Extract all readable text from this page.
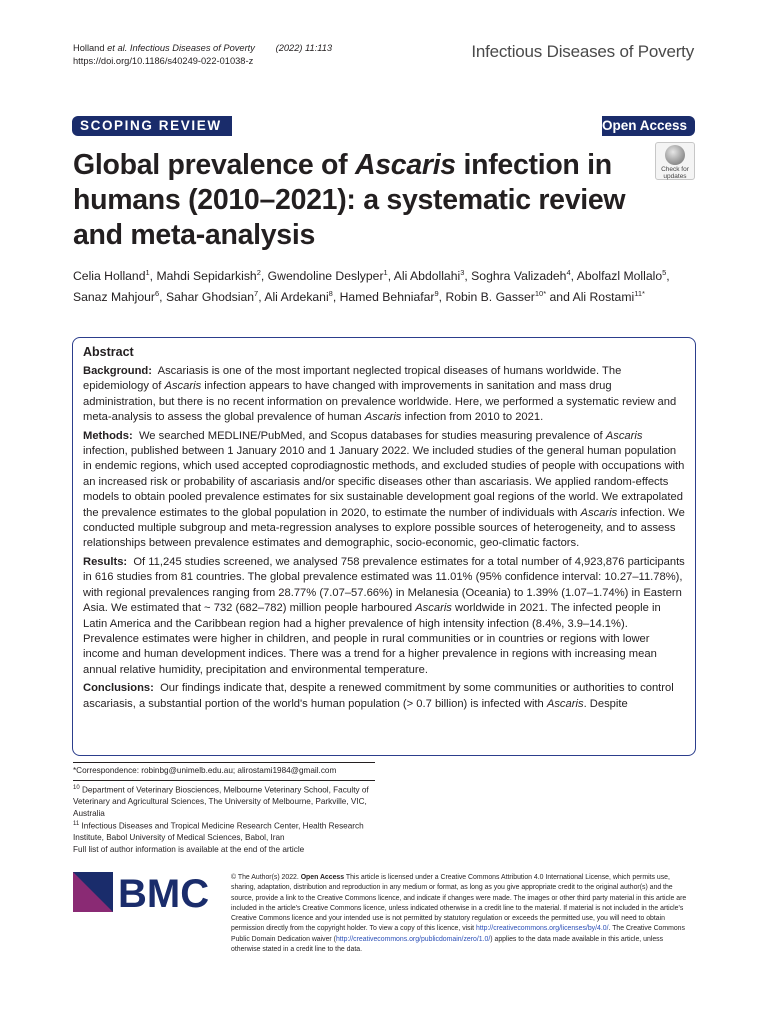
Holland et al. Infectious Diseases of Poverty (2022) 11:113
https://doi.org/10.1186/s40249-022-01038-z	Infectious Diseases of Poverty
SCOPING REVIEW	Open Access
Check for
updates
Global prevalence of Ascaris infection in humans (2010–2021): a systematic review and meta-analysis
Celia Holland$^1$, Mahdi Sepidarkish$^2$, Gwendoline Deslyper$^1$, Ali Abdollahi$^3$, Soghra Valizadeh$^4$, Abolfazl Mollalo$^5$, Sanaz Mahjour$^6$, Sahar Ghodsian$^7$, Ali Ardekani$^8$, Hamed Behniafar$^9$, Robin B. Gasser$^{10*}$ and Ali Rostami$^{11*}$
Abstract

Background: Ascariasis is one of the most important neglected tropical diseases of humans worldwide. The epidemiology of Ascaris infection appears to have changed with improvements in sanitation and mass drug administration, but there is no recent information on prevalence worldwide. Here, we performed a systematic review and meta-analysis to assess the global prevalence of human Ascaris infection from 2010 to 2021.

Methods: We searched MEDLINE/PubMed, and Scopus databases for studies measuring prevalence of Ascaris infection, published between 1 January 2010 and 1 January 2022. We included studies of the general human population in endemic regions, which used accepted coprodiagnostic methods, and excluded studies of people with occupations with an increased risk or probability of ascariasis and/or specific diseases other than ascariasis. We applied random-effects models to obtain pooled prevalence estimates for six sustainable development goal regions of the world. We extrapolated the prevalence estimates to the global population in 2020, to estimate the number of individuals with Ascaris infection. We conducted multiple subgroup and meta-regression analyses to explore possible sources of heterogeneity, and to assess relationships between prevalence estimates and demographic, socio-economic, geo-climatic factors.

Results: Of 11,245 studies screened, we analysed 758 prevalence estimates for a total number of 4,923,876 participants in 616 studies from 81 countries. The global prevalence estimated was 11.01% (95% confidence interval: 10.27–11.78%), with regional prevalences ranging from 28.77% (7.07–57.66%) in Melanesia (Oceania) to 1.39% (1.07–1.74%) in Eastern Asia. We estimated that ~ 732 (682–782) million people harboured Ascaris worldwide in 2021. The infected people in Latin America and the Caribbean region had a higher prevalence of high intensity infection (8.4%, 3.9–14.1%). Prevalence estimates were higher in children, and people in rural communities or in countries or regions with lower income and human development indices. There was a trend for a higher prevalence in regions with increasing mean annual relative humidity, precipitation and environmental temperature.

Conclusions: Our findings indicate that, despite a renewed commitment by some communities or authorities to control ascariasis, a substantial portion of the world's human population (> 0.7 billion) is infected with Ascaris. Despite

*Correspondence: robinbg@unimelb.edu.au; alirostami1984@gmail.com
$^{10}$ Department of Veterinary Biosciences, Melbourne Veterinary School, Faculty of Veterinary and Agricultural Sciences, The University of Melbourne, Parkville, VIC, Australia
$^{11}$ Infectious Diseases and Tropical Medicine Research Center, Health Research Institute, Babol University of Medical Sciences, Babol, Iran
Full list of author information is available at the end of the article
BMC	© The Author(s) 2022. Open Access This article is licensed under a Creative Commons Attribution 4.0 International License, which permits use, sharing, adaptation, distribution and reproduction in any medium or format, as long as you give appropriate credit to the original author(s) and the source, provide a link to the Creative Commons licence, and indicate if changes were made. The images or other third party material in this article are included in the article's Creative Commons licence, unless indicated otherwise in a credit line to the material. If material is not included in the article's Creative Commons licence and your intended use is not permitted by statutory regulation or exceeds the permitted use, you will need to obtain permission directly from the copyright holder. To view a copy of this licence, visit http://creativecommons.org/licenses/by/4.0/. The Creative Commons Public Domain Dedication waiver (http://creativecommons.org/publicdomain/zero/1.0/) applies to the data made available in this article, unless otherwise stated in a credit line to the data.
